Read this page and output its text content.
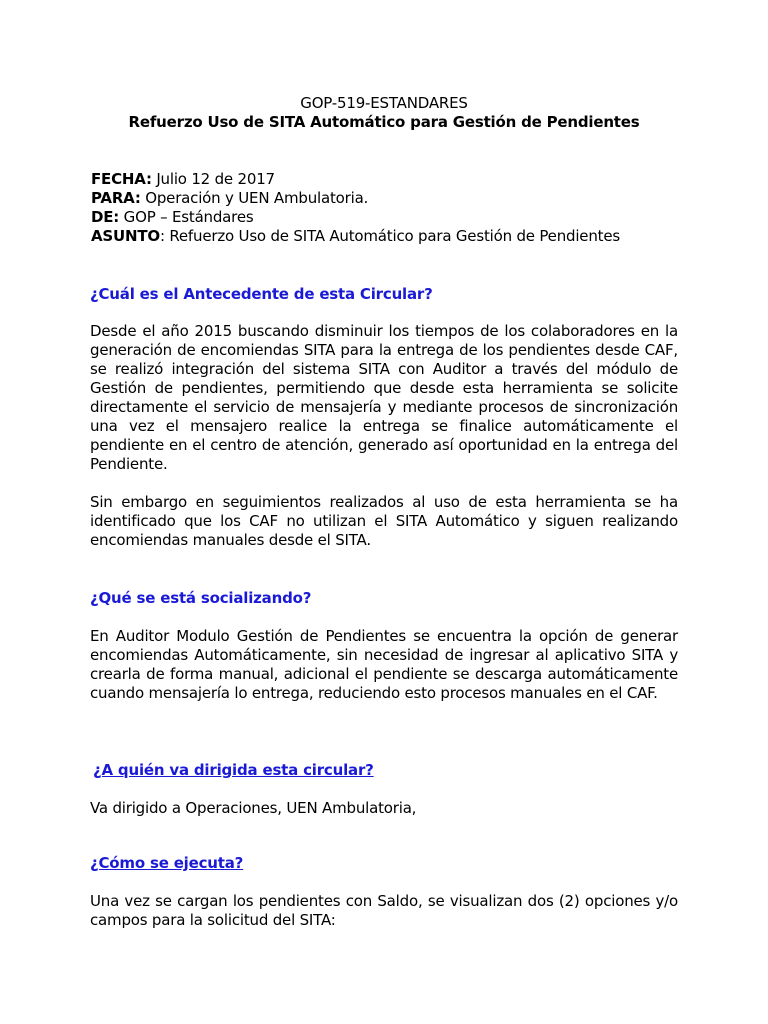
GOP-519-ESTANDARES
Refuerzo Uso de SITA Automático para Gestión de Pendientes
FECHA: Julio 12 de 2017
PARA: Operación y UEN Ambulatoria.
DE: GOP – Estándares
ASUNTO: Refuerzo Uso de SITA Automático para Gestión de Pendientes
¿Cuál es el Antecedente de esta Circular?
Desde el año 2015 buscando disminuir los tiempos de los colaboradores en la generación de encomiendas SITA para la entrega de los pendientes desde CAF, se realizó integración del sistema SITA con Auditor a través del módulo de Gestión de pendientes, permitiendo que desde esta herramienta se solicite directamente el servicio de mensajería y mediante procesos de sincronización una vez el mensajero realice la entrega se finalice automáticamente el pendiente en el centro de atención, generado así oportunidad en la entrega del Pendiente.
Sin embargo en seguimientos realizados al uso de esta herramienta se ha identificado que los CAF no utilizan el SITA Automático y siguen realizando encomiendas manuales desde el SITA.
¿Qué se está socializando?
En Auditor Modulo Gestión de Pendientes se encuentra la opción de generar encomiendas Automáticamente, sin necesidad de ingresar al aplicativo SITA y crearla de forma manual, adicional el pendiente se descarga automáticamente cuando mensajería lo entrega, reduciendo esto procesos manuales en el CAF.
¿A quién va dirigida esta circular?
Va dirigido a Operaciones, UEN Ambulatoria,
¿Cómo se ejecuta?
Una vez se cargan los pendientes con Saldo, se visualizan dos (2) opciones y/o campos para la solicitud del SITA:
